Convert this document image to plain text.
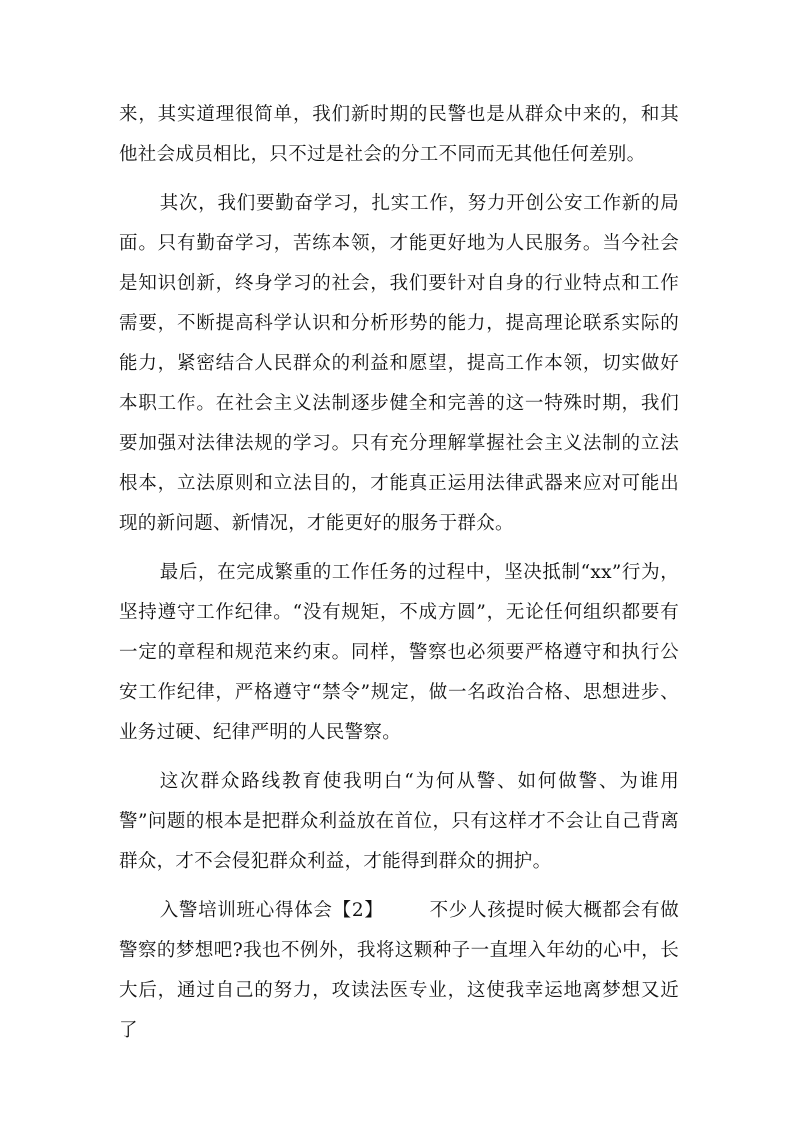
来，其实道理很简单，我们新时期的民警也是从群众中来的，和其他社会成员相比，只不过是社会的分工不同而无其他任何差别。

其次，我们要勤奋学习，扎实工作，努力开创公安工作新的局面。只有勤奋学习，苦练本领，才能更好地为人民服务。当今社会是知识创新，终身学习的社会，我们要针对自身的行业特点和工作需要，不断提高科学认识和分析形势的能力，提高理论联系实际的能力，紧密结合人民群众的利益和愿望，提高工作本领，切实做好本职工作。在社会主义法制逐步健全和完善的这一特殊时期，我们要加强对法律法规的学习。只有充分理解掌握社会主义法制的立法根本，立法原则和立法目的，才能真正运用法律武器来应对可能出现的新问题、新情况，才能更好的服务于群众。

最后，在完成繁重的工作任务的过程中，坚决抵制“xx”行为，坚持遵守工作纪律。“没有规矩，不成方圆”，无论任何组织都要有一定的章程和规范来约束。同样，警察也必须要严格遵守和执行公安工作纪律，严格遵守“禁令”规定，做一名政治合格、思想进步、业务过硬、纪律严明的人民警察。

这次群众路线教育使我明白“为何从警、如何做警、为谁用警”问题的根本是把群众利益放在首位，只有这样才不会让自己背离群众，才不会侵犯群众利益，才能得到群众的拥护。

入警培训班心得体会【2】 不少人孩提时候大概都会有做警察的梦想吧?我也不例外，我将这颗种子一直埋入年幼的心中，长大后，通过自己的努力，攻读法医专业，这使我幸运地离梦想又近了
